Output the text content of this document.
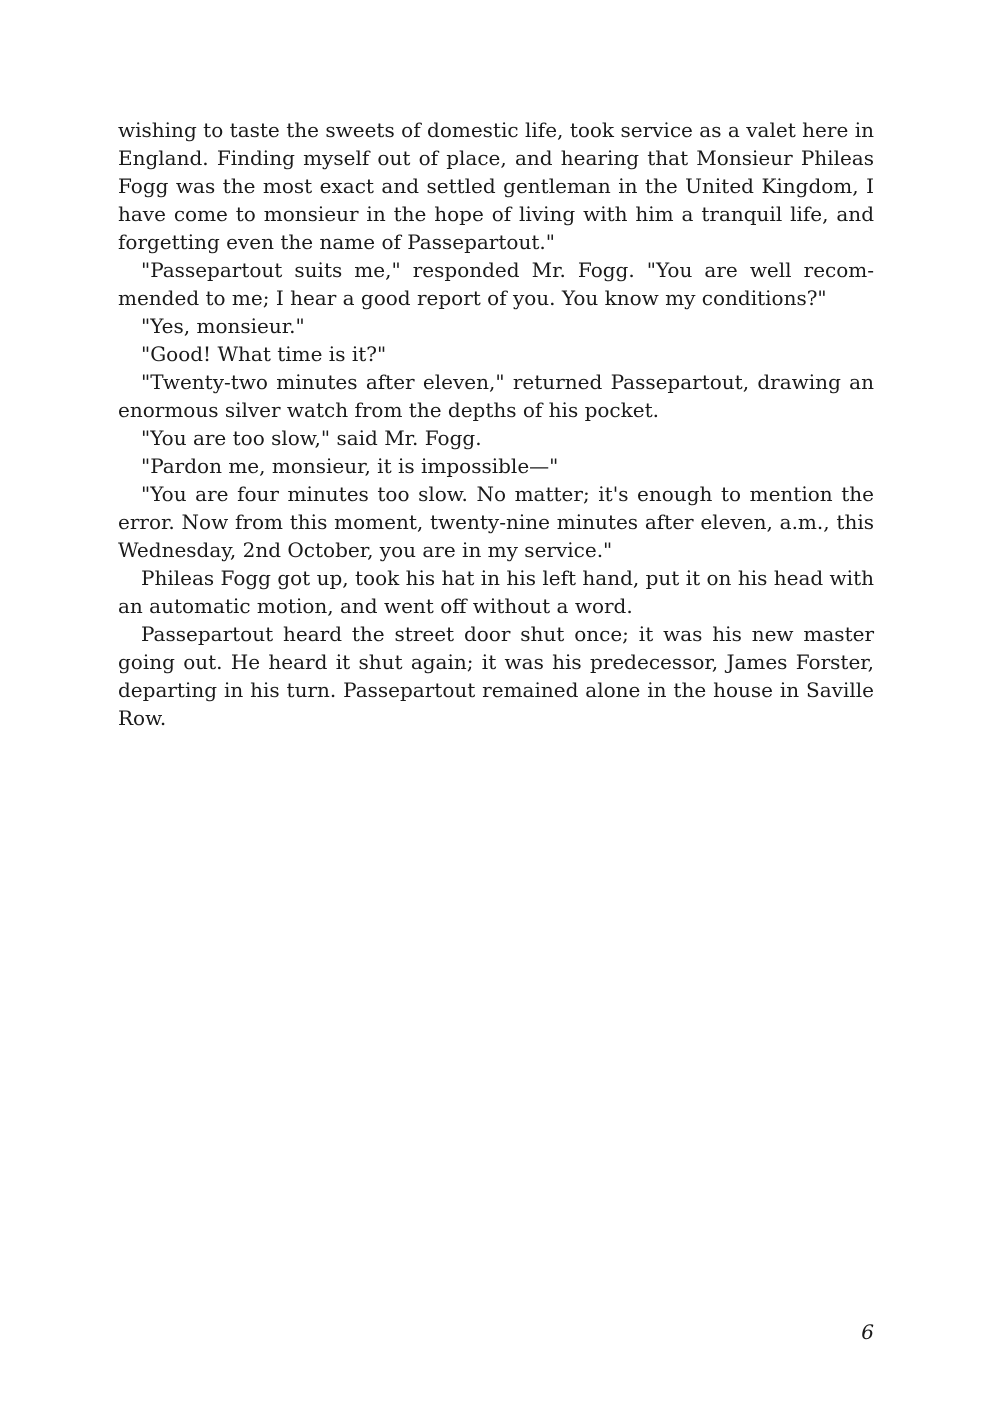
wishing to taste the sweets of domestic life, took service as a valet here in England. Finding myself out of place, and hearing that Monsieur Phileas Fogg was the most exact and settled gentleman in the United Kingdom, I have come to monsieur in the hope of living with him a tranquil life, and forgetting even the name of Passepartout."

"Passepartout suits me," responded Mr. Fogg. "You are well recom-mended to me; I hear a good report of you. You know my conditions?"

"Yes, monsieur."

"Good! What time is it?"

"Twenty-two minutes after eleven," returned Passepartout, drawing an enormous silver watch from the depths of his pocket.

"You are too slow," said Mr. Fogg.

"Pardon me, monsieur, it is impossible—"

"You are four minutes too slow. No matter; it's enough to mention the error. Now from this moment, twenty-nine minutes after eleven, a.m., this Wednesday, 2nd October, you are in my service."

Phileas Fogg got up, took his hat in his left hand, put it on his head with an automatic motion, and went off without a word.

Passepartout heard the street door shut once; it was his new master going out. He heard it shut again; it was his predecessor, James Forster, departing in his turn. Passepartout remained alone in the house in Saville Row.

6
